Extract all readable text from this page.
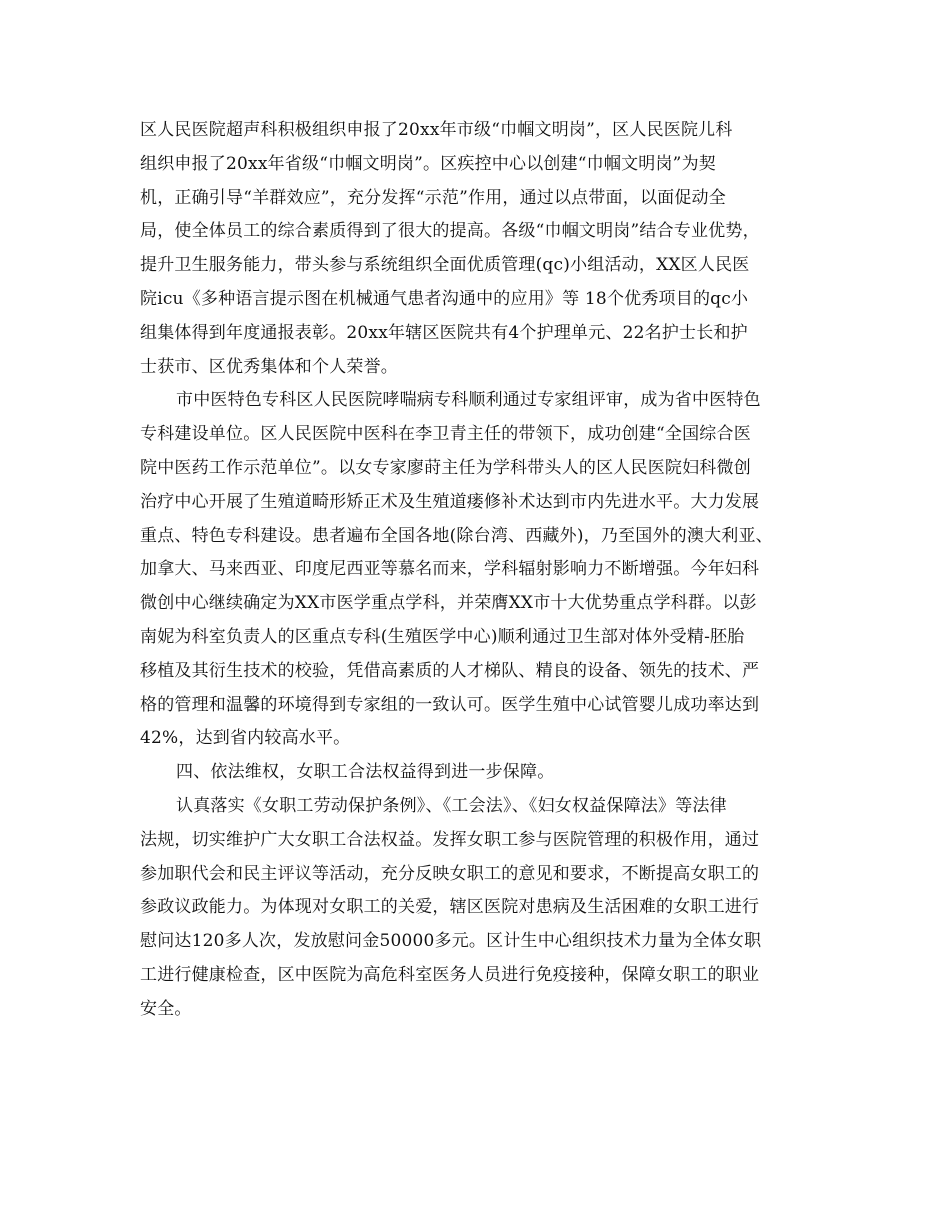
区人民医院超声科积极组织申报了20xx年市级“巾帼文明岗”，区人民医院儿科
组织申报了20xx年省级“巾帼文明岗”。区疾控中心以创建“巾帼文明岗”为契
机，正确引导“羊群效应”，充分发挥“示范”作用，通过以点带面，以面促动全
局，使全体员工的综合素质得到了很大的提高。各级“巾帼文明岗”结合专业优势，
提升卫生服务能力，带头参与系统组织全面优质管理(qc)小组活动，XX区人民医
院icu《多种语言提示图在机械通气患者沟通中的应用》等 18个优秀项目的qc小
组集体得到年度通报表彰。20xx年辖区医院共有4个护理单元、22名护士长和护
士获市、区优秀集体和个人荣誉。
市中医特色专科区人民医院哮喘病专科顺利通过专家组评审，成为省中医特色
专科建设单位。区人民医院中医科在李卫青主任的带领下，成功创建“全国综合医
院中医药工作示范单位”。以女专家廖莳主任为学科带头人的区人民医院妇科微创
治疗中心开展了生殖道畸形矫正术及生殖道瘘修补术达到市内先进水平。大力发展
重点、特色专科建设。患者遍布全国各地(除台湾、西藏外)，乃至国外的澳大利亚、
加拿大、马来西亚、印度尼西亚等慕名而来，学科辐射影响力不断增强。今年妇科
微创中心继续确定为XX市医学重点学科，并荣膺XX市十大优势重点学科群。以彭
南妮为科室负责人的区重点专科(生殖医学中心)顺利通过卫生部对体外受精-胚胎
移植及其衍生技术的校验，凭借高素质的人才梯队、精良的设备、领先的技术、严
格的管理和温馨的环境得到专家组的一致认可。医学生殖中心试管婴儿成功率达到
42%，达到省内较高水平。
四、依法维权，女职工合法权益得到进一步保障。
认真落实《女职工劳动保护条例》、《工会法》、《妇女权益保障法》等法律
法规，切实维护广大女职工合法权益。发挥女职工参与医院管理的积极作用，通过
参加职代会和民主评议等活动，充分反映女职工的意见和要求，不断提高女职工的
参政议政能力。为体现对女职工的关爱，辖区医院对患病及生活困难的女职工进行
慰问达120多人次，发放慰问金50000多元。区计生中心组织技术力量为全体女职
工进行健康检查，区中医院为高危科室医务人员进行免疫接种，保障女职工的职业
安全。
